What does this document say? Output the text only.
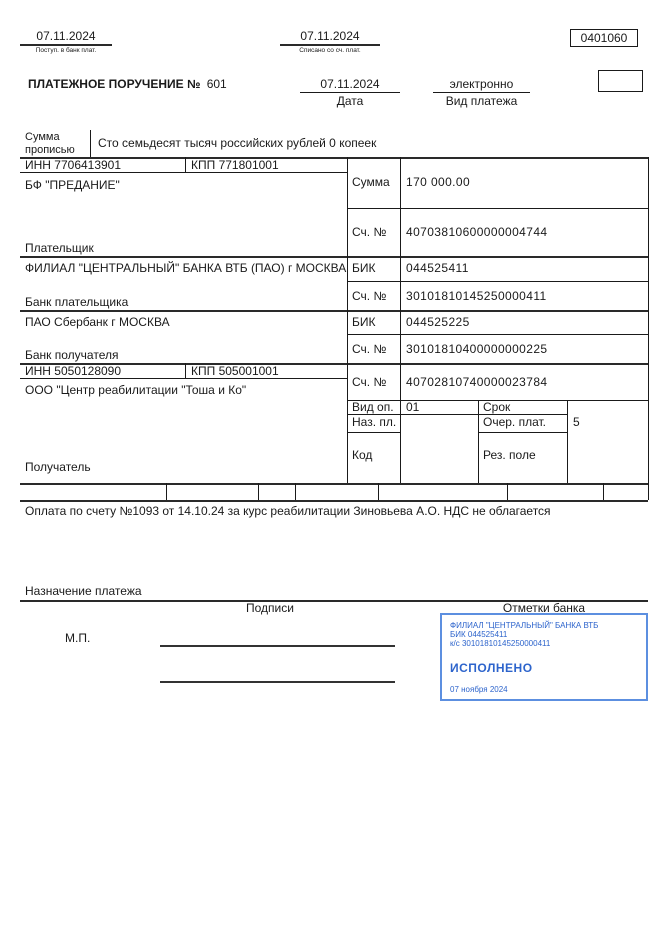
07.11.2024
Поступ. в банк плат.
07.11.2024
Списано со сч. плат.
0401060
ПЛАТЕЖНОЕ ПОРУЧЕНИЕ № 601	07.11.2024
Дата
электронно
Вид платежа
Сумма прописью	Сто семьдесят тысяч российских рублей 0 копеек
ИНН 7706413901	КПП 771801001
БФ "ПРЕДАНИЕ"
Плательщик
Сумма 170 000.00
Сч. № 40703810600000004744
ФИЛИАЛ "ЦЕНТРАЛЬНЫЙ" БАНКА ВТБ (ПАО) г МОСКВА
Банк плательщика
БИК	044525411
Сч. № 30101810145250000411
ПАО Сбербанк г МОСКВА
Банк получателя
БИК	044525225
Сч. № 30101810400000000225
ИНН 5050128090	КПП 505001001
ООО "Центр реабилитации "Тоша и Ко"
Получатель
Сч. № 40702810740000023784
Вид оп. 01	Срок
Наз. пл.	Очер. плат. 5
Код	Рез. поле
Оплата по счету №1093 от 14.10.24 за курс реабилитации Зиновьева А.О. НДС не облагается
Назначение платежа
Подписи	Отметки банка
М.П.
ФИЛИАЛ "ЦЕНТРАЛЬНЫЙ" БАНКА ВТБ
БИК 044525411
к/с 30101810145250000411
ИСПОЛНЕНО
07 ноября 2024
